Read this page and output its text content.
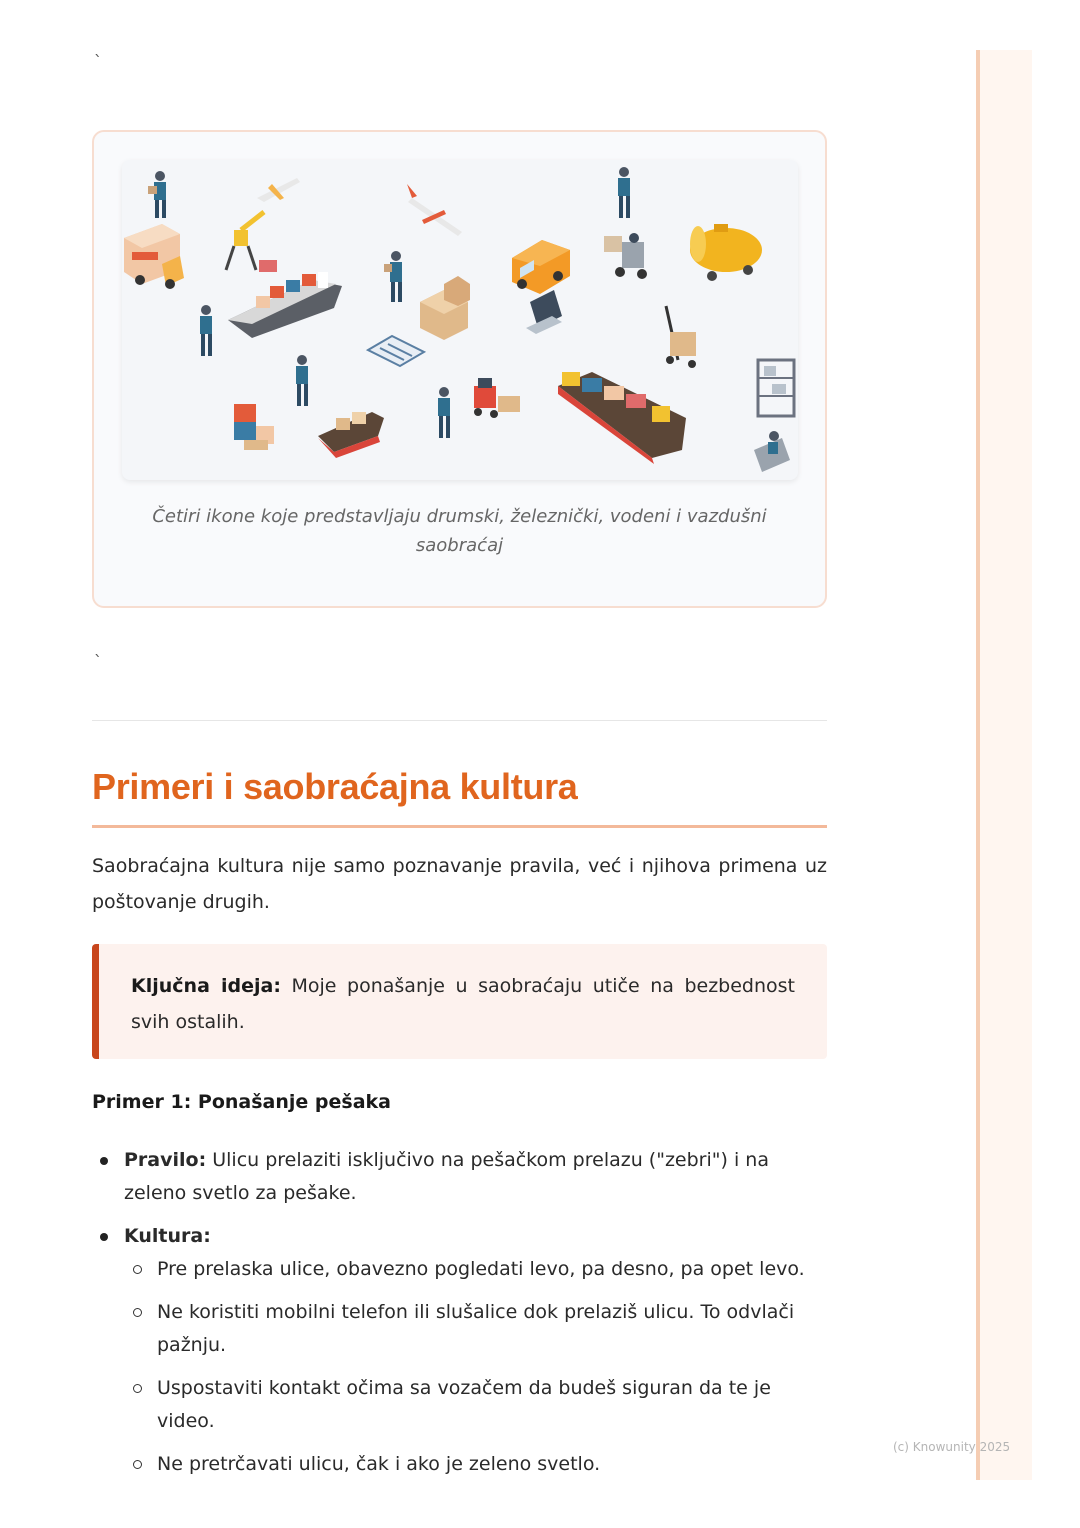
`
Četiri ikone koje predstavljaju drumski, železnički, vodeni i vazdušni saobraćaj
`
Primeri i saobraćajna kultura

Saobraćajna kultura nije samo poznavanje pravila, već i njihova primena uz poštovanje drugih.

Ključna ideja: Moje ponašanje u saobraćaju utiče na bezbednost svih ostalih.
Primer 1: Ponašanje pešaka
Pravilo: Ulicu prelaziti isključivo na pešačkom prelazu ("zebri") i na zeleno svetlo za pešake.
Kultura:
Pre prelaska ulice, obavezno pogledati levo, pa desno, pa opet levo.
Ne koristiti mobilni telefon ili slušalice dok prelaziš ulicu. To odvlači pažnju.
Uspostaviti kontakt očima sa vozačem da budeš siguran da te je video.
Ne pretrčavati ulicu, čak i ako je zeleno svetlo.
(c) Knowunity 2025
